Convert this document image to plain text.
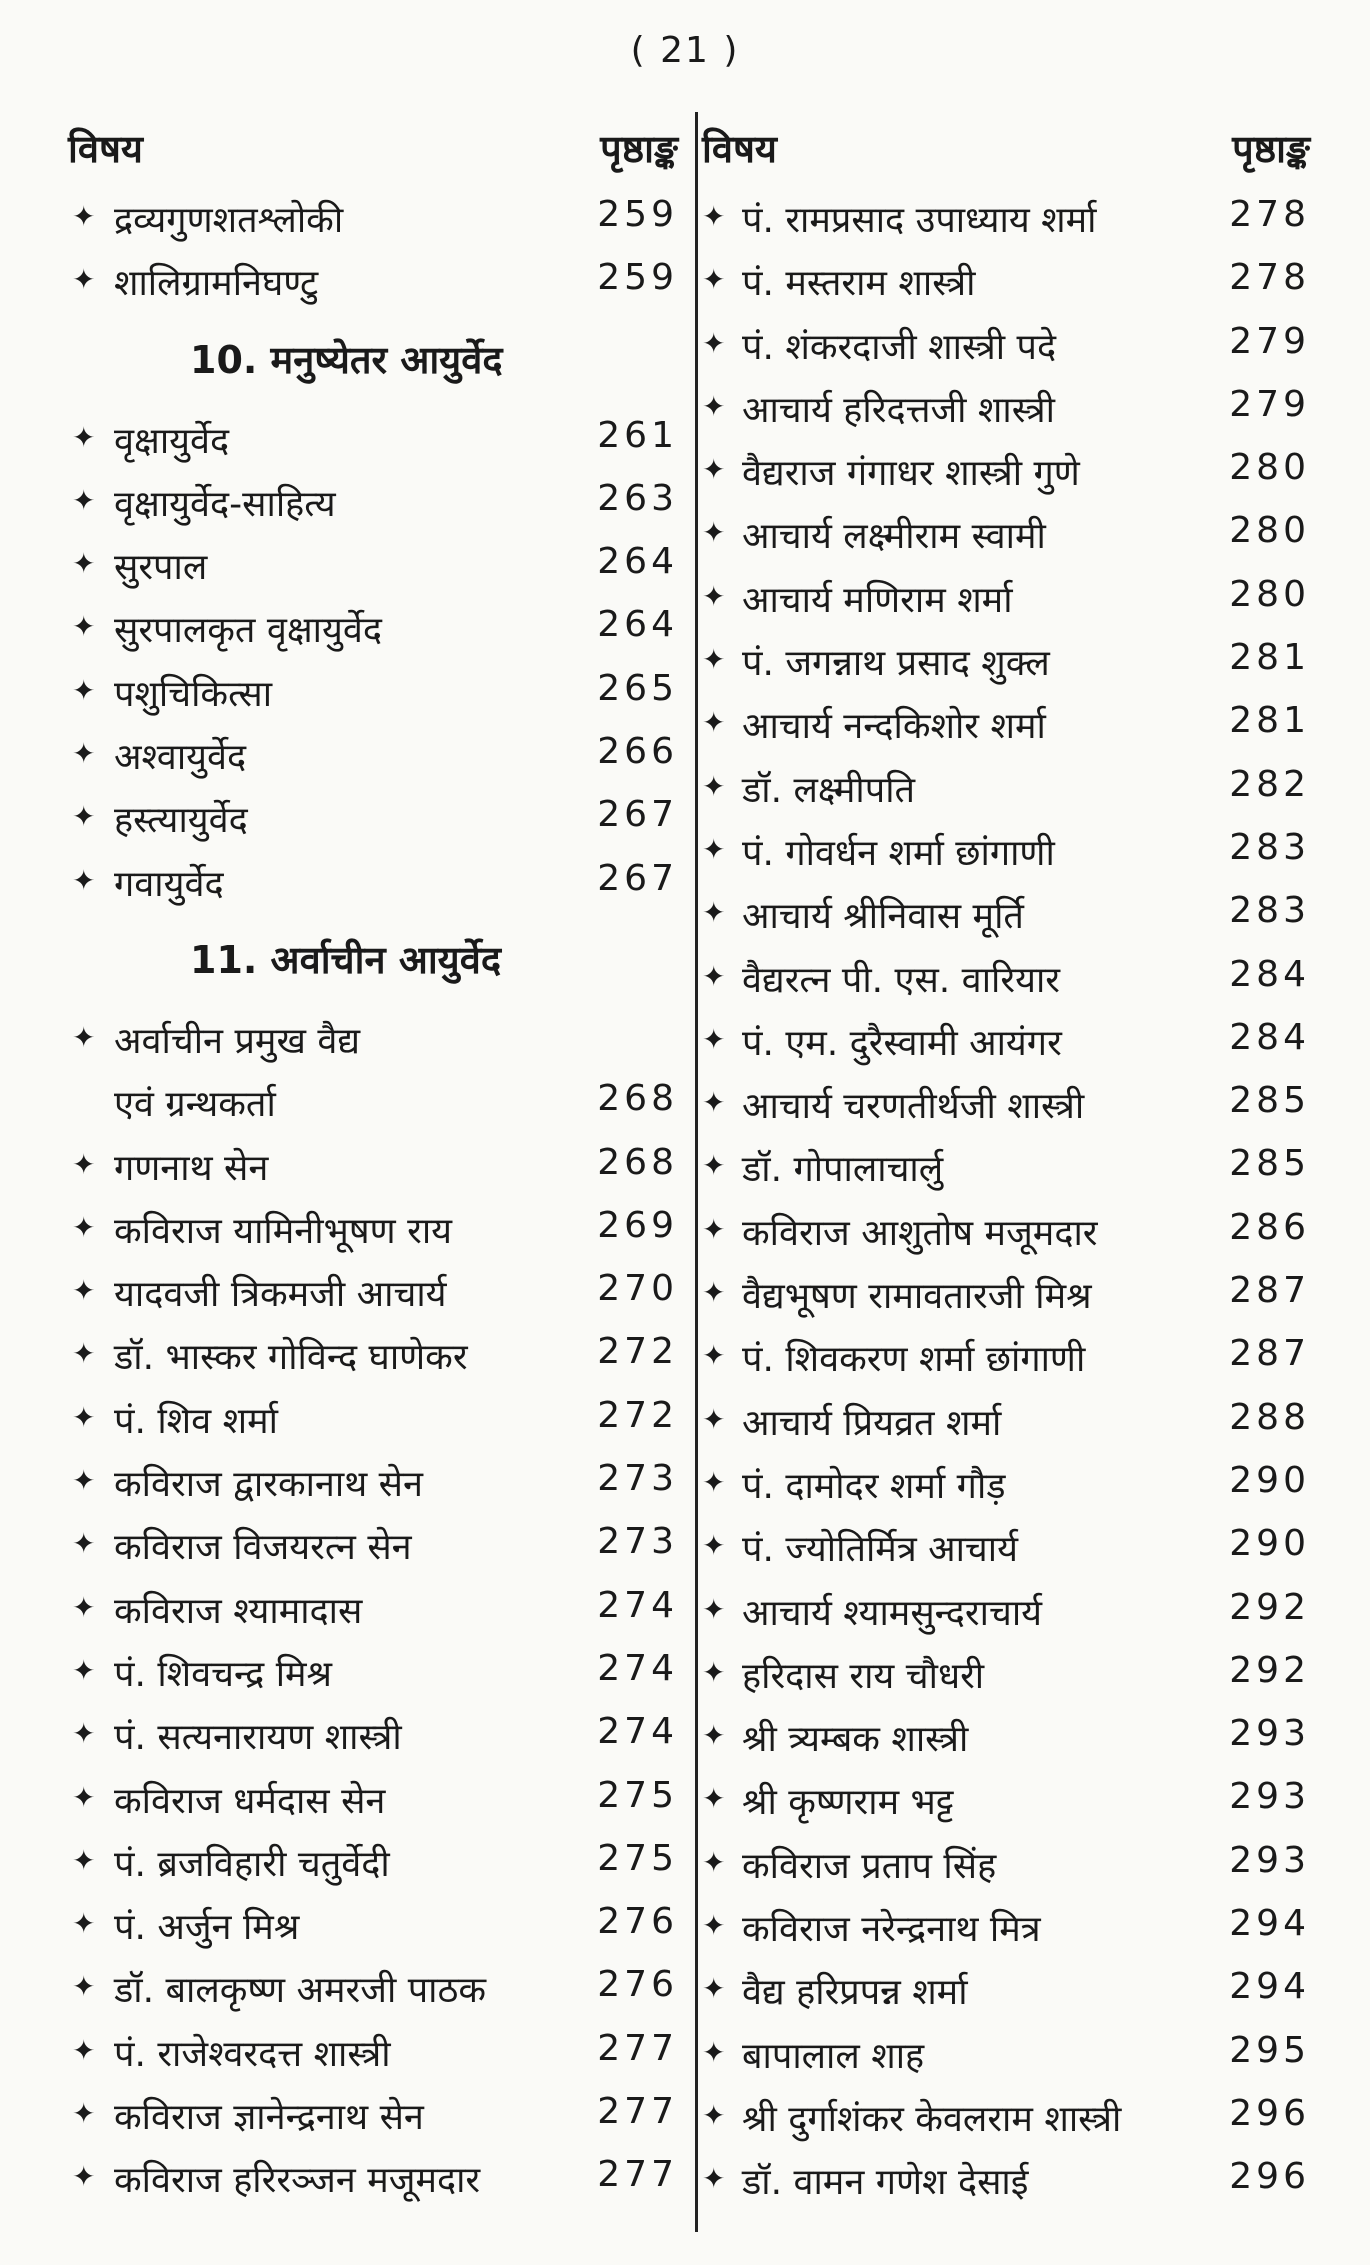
( 21 )
विषय	पृष्ठाङ्क
✦ द्रव्यगुणशतश्लोकी	259
✦ शालिग्रामनिघण्टु	259
10. मनुष्येतर आयुर्वेद
✦ वृक्षायुर्वेद	261
✦ वृक्षायुर्वेद-साहित्य	263
✦ सुरपाल	264
✦ सुरपालकृत वृक्षायुर्वेद	264
✦ पशुचिकित्सा	265
✦ अश्वायुर्वेद	266
✦ हस्त्यायुर्वेद	267
✦ गवायुर्वेद	267
11. अर्वाचीन आयुर्वेद
✦ अर्वाचीन प्रमुख वैद्य
एवं ग्रन्थकर्ता	268
✦ गणनाथ सेन	268
✦ कविराज यामिनीभूषण राय	269
✦ यादवजी त्रिकमजी आचार्य	270
✦ डॉ. भास्कर गोविन्द घाणेकर	272
✦ पं. शिव शर्मा	272
✦ कविराज द्वारकानाथ सेन	273
✦ कविराज विजयरत्न सेन	273
✦ कविराज श्यामादास	274
✦ पं. शिवचन्द्र मिश्र	274
✦ पं. सत्यनारायण शास्त्री	274
✦ कविराज धर्मदास सेन	275
✦ पं. ब्रजविहारी चतुर्वेदी	275
✦ पं. अर्जुन मिश्र	276
✦ डॉ. बालकृष्ण अमरजी पाठक	276
✦ पं. राजेश्वरदत्त शास्त्री	277
✦ कविराज ज्ञानेन्द्रनाथ सेन	277
✦ कविराज हरिरञ्जन मजूमदार	277
विषय	पृष्ठाङ्क
✦ पं. रामप्रसाद उपाध्याय शर्मा	278
✦ पं. मस्तराम शास्त्री	278
✦ पं. शंकरदाजी शास्त्री पदे	279
✦ आचार्य हरिदत्तजी शास्त्री	279
✦ वैद्यराज गंगाधर शास्त्री गुणे	280
✦ आचार्य लक्ष्मीराम स्वामी	280
✦ आचार्य मणिराम शर्मा	280
✦ पं. जगन्नाथ प्रसाद शुक्ल	281
✦ आचार्य नन्दकिशोर शर्मा	281
✦ डॉ. लक्ष्मीपति	282
✦ पं. गोवर्धन शर्मा छांगाणी	283
✦ आचार्य श्रीनिवास मूर्ति	283
✦ वैद्यरत्न पी. एस. वारियार	284
✦ पं. एम. दुरैस्वामी आयंगर	284
✦ आचार्य चरणतीर्थजी शास्त्री	285
✦ डॉ. गोपालाचार्लु	285
✦ कविराज आशुतोष मजूमदार	286
✦ वैद्यभूषण रामावतारजी मिश्र	287
✦ पं. शिवकरण शर्मा छांगाणी	287
✦ आचार्य प्रियव्रत शर्मा	288
✦ पं. दामोदर शर्मा गौड़	290
✦ पं. ज्योतिर्मित्र आचार्य	290
✦ आचार्य श्यामसुन्दराचार्य	292
✦ हरिदास राय चौधरी	292
✦ श्री त्र्यम्बक शास्त्री	293
✦ श्री कृष्णराम भट्ट	293
✦ कविराज प्रताप सिंह	293
✦ कविराज नरेन्द्रनाथ मित्र	294
✦ वैद्य हरिप्रपन्न शर्मा	294
✦ बापालाल शाह	295
✦ श्री दुर्गाशंकर केवलराम शास्त्री	296
✦ डॉ. वामन गणेश देसाई	296
